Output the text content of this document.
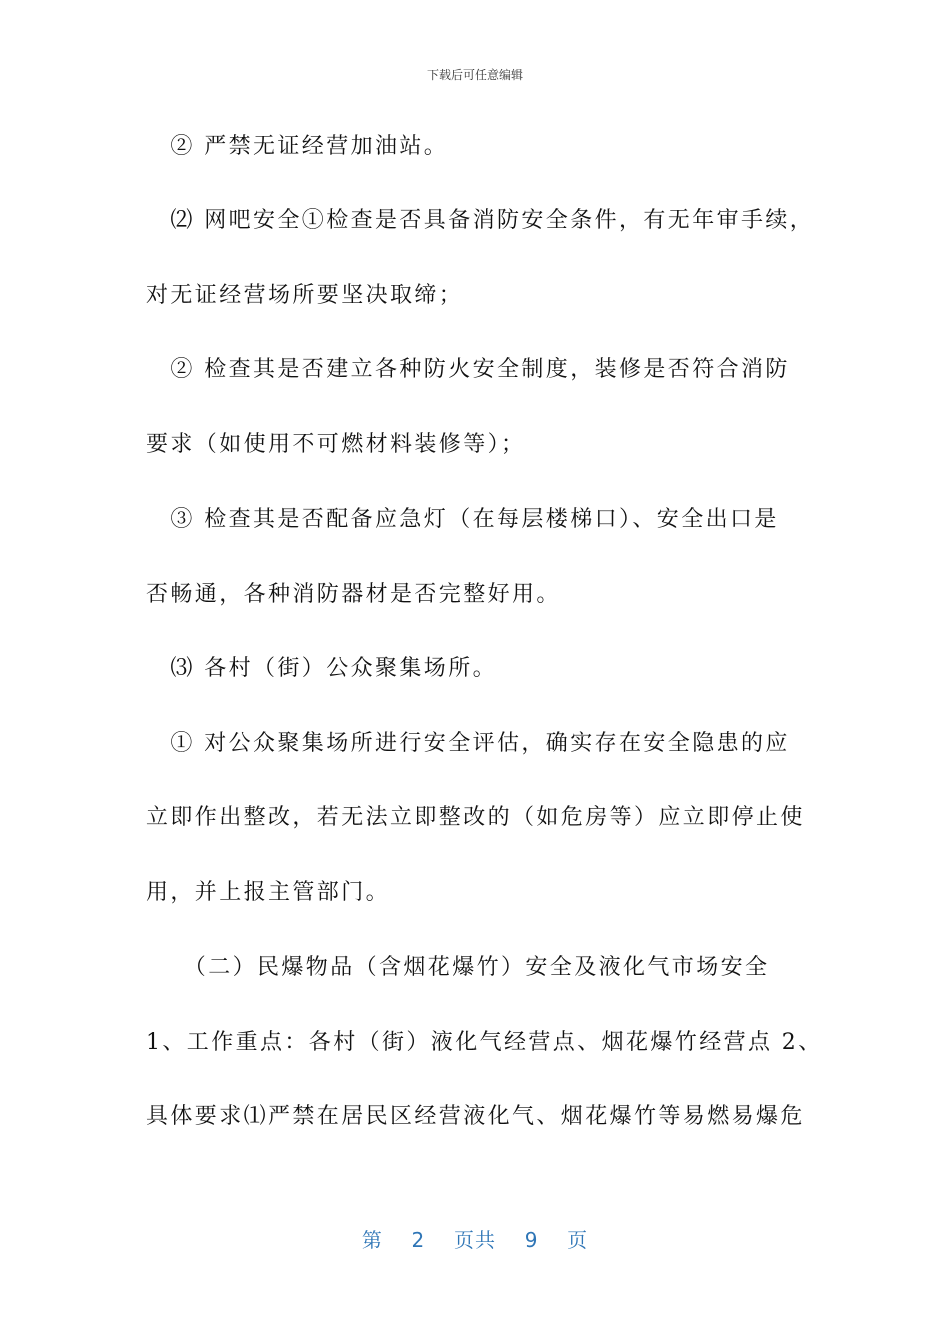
下载后可任意编辑
　② 严禁无证经营加油站。
　⑵ 网吧安全①检查是否具备消防安全条件，有无年审手续，
对无证经营场所要坚决取缔；
　② 检查其是否建立各种防火安全制度，装修是否符合消防
要求（如使用不可燃材料装修等）；
　③ 检查其是否配备应急灯（在每层楼梯口）、安全出口是
否畅通，各种消防器材是否完整好用。
　⑶ 各村（街）公众聚集场所。
　① 对公众聚集场所进行安全评估，确实存在安全隐患的应
立即作出整改，若无法立即整改的（如危房等）应立即停止使
用，并上报主管部门。
　　（二）民爆物品（含烟花爆竹）安全及液化气市场安全
1、工作重点：各村（街）液化气经营点、烟花爆竹经营点 2、
具体要求⑴严禁在居民区经营液化气、烟花爆竹等易燃易爆危
第 2 页共 9 页
